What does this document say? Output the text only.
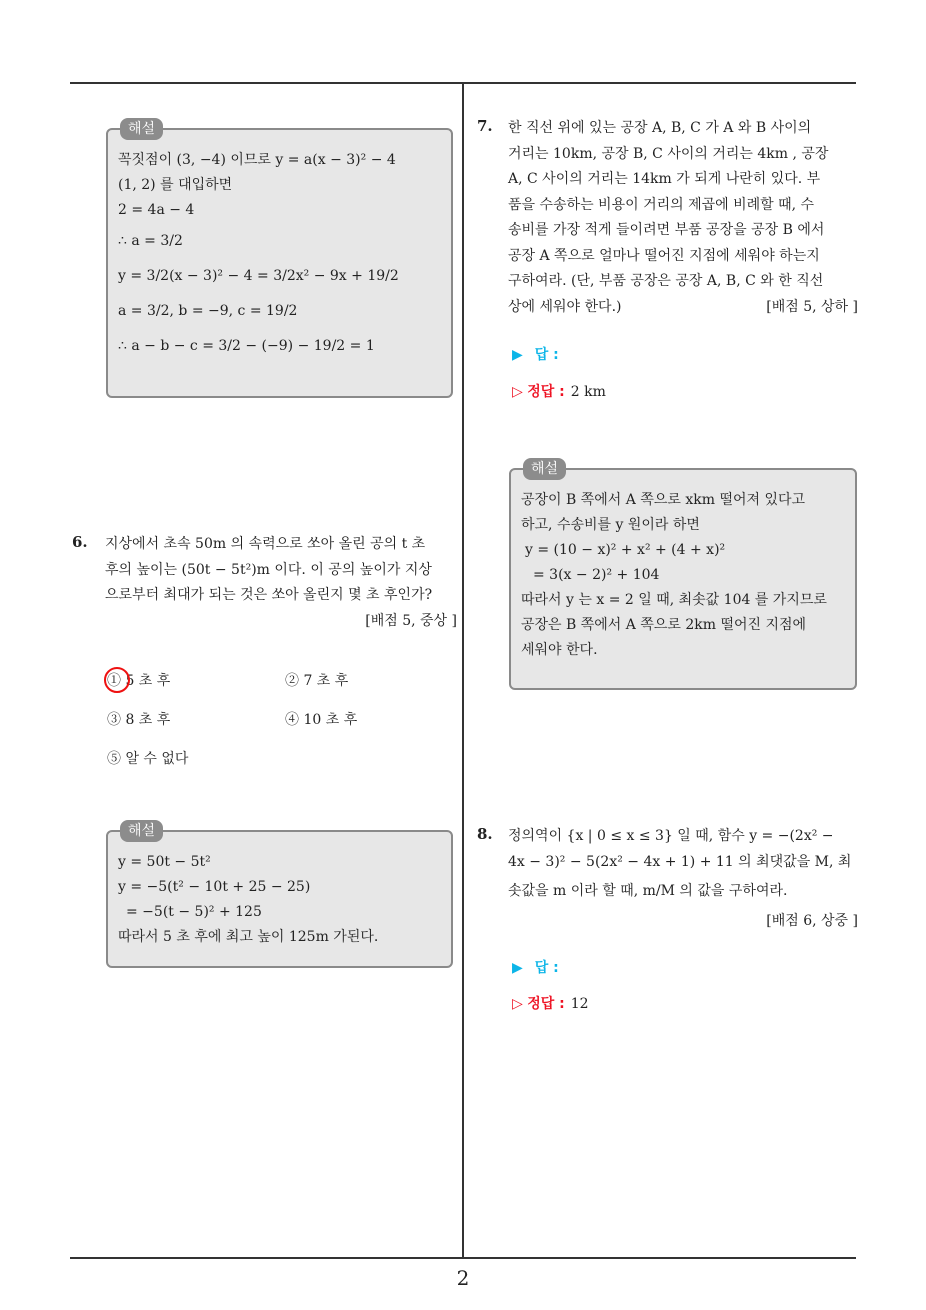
해설
꼭짓점이 (3, −4) 이므로 y = a(x − 3)² − 4
(1, 2) 를 대입하면
2 = 4a − 4
∴ a = 3/2
y = 3/2(x − 3)² − 4 = 3/2x² − 9x + 19/2
a = 3/2, b = −9, c = 19/2
∴ a − b − c = 3/2 − (−9) − 19/2 = 1
6. 지상에서 초속 50m 의 속력으로 쏘아 올린 공의 t 초
후의 높이는 (50t − 5t²)m 이다. 이 공의 높이가 지상
으로부터 최대가 되는 것은 쏘아 올린지 몇 초 후인가?
[배점 5, 중상 ]
① 5 초 후	② 7 초 후
③ 8 초 후	④ 10 초 후
⑤ 알 수 없다
해설
y = 50t − 5t²
y = −5(t² − 10t + 25 − 25)
= −5(t − 5)² + 125
따라서 5 초 후에 최고 높이 125m 가된다.
7. 한 직선 위에 있는 공장 A, B, C 가 A 와 B 사이의
거리는 10km, 공장 B, C 사이의 거리는 4km , 공장
A, C 사이의 거리는 14km 가 되게 나란히 있다. 부
품을 수송하는 비용이 거리의 제곱에 비례할 때, 수
송비를 가장 적게 들이려면 부품 공장을 공장 B 에서
공장 A 쪽으로 얼마나 떨어진 지점에 세워야 하는지
구하여라. (단, 부품 공장은 공장 A, B, C 와 한 직선
상에 세워야 한다.)	[배점 5, 상하 ]
▶ 답 :
▷ 정답 : 2 km
해설
공장이 B 쪽에서 A 쪽으로 xkm 떨어져 있다고
하고, 수송비를 y 원이라 하면
y = (10 − x)² + x² + (4 + x)²
= 3(x − 2)² + 104
따라서 y 는 x = 2 일 때, 최솟값 104 를 가지므로
공장은 B 쪽에서 A 쪽으로 2km 떨어진 지점에
세워야 한다.
8. 정의역이 {x | 0 ≤ x ≤ 3} 일 때, 함수 y = −(2x² −
4x − 3)² − 5(2x² − 4x + 1) + 11 의 최댓값을 M, 최
솟값을 m 이라 할 때, m/M 의 값을 구하여라.
[배점 6, 상중 ]
▶ 답 :
▷ 정답 : 12
2
